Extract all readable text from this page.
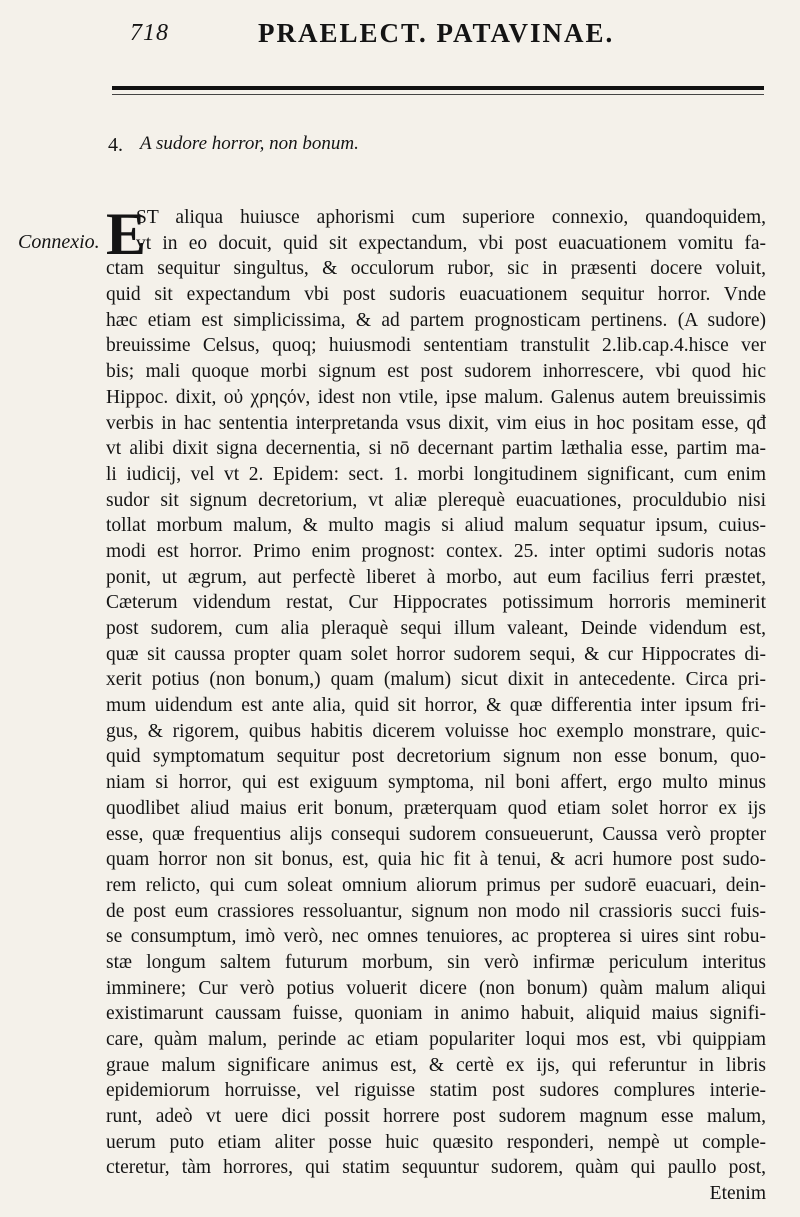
718	PRAELECT. PATAVINAE.
4. A sudore horror, non bonum.
Connexio. E
ST aliqua huiusce aphorismi cum superiore connexio, quandoquidem,
vt in eo docuit, quid sit expectandum, vbi post euacuationem vomitu fa-
ctam sequitur singultus, & occulorum rubor, sic in præsenti docere voluit,
quid sit expectandum vbi post sudoris euacuationem sequitur horror. Vnde
hæc etiam est simplicissima, & ad partem prognosticam pertinens. (A sudore)
breuissime Celsus, quoq; huiusmodi sententiam transtulit 2.lib.cap.4.hisce ver
bis; mali quoque morbi signum est post sudorem inhorrescere, vbi quod hic
Hippoc. dixit, οὐ χρηςόν, idest non vtile, ipse malum. Galenus autem breuissimis
verbis in hac sententia interpretanda vsus dixit, vim eius in hoc positam esse, qđ
vt alibi dixit signa decernentia, si nō decernant partim læthalia esse, partim ma-
li iudicij, vel vt 2. Epidem: sect. 1. morbi longitudinem significant, cum enim
sudor sit signum decretorium, vt aliæ plerequè euacuationes, proculdubio nisi
tollat morbum malum, & multo magis si aliud malum sequatur ipsum, cuius-
modi est horror. Primo enim prognost: contex. 25. inter optimi sudoris notas
ponit, ut ægrum, aut perfectè liberet à morbo, aut eum facilius ferri præstet,
Cæterum videndum restat, Cur Hippocrates potissimum horroris meminerit
post sudorem, cum alia pleraquè sequi illum valeant, Deinde videndum est,
quæ sit caussa propter quam solet horror sudorem sequi, & cur Hippocrates di-
xerit potius (non bonum,) quam (malum) sicut dixit in antecedente. Circa pri-
mum uidendum est ante alia, quid sit horror, & quæ differentia inter ipsum fri-
gus, & rigorem, quibus habitis dicerem voluisse hoc exemplo monstrare, quic-
quid symptomatum sequitur post decretorium signum non esse bonum, quo-
niam si horror, qui est exiguum symptoma, nil boni affert, ergo multo minus
quodlibet aliud maius erit bonum, præterquam quod etiam solet horror ex ijs
esse, quæ frequentius alijs consequi sudorem consueuerunt, Caussa verò propter
quam horror non sit bonus, est, quia hic fit à tenui, & acri humore post sudo-
rem relicto, qui cum soleat omnium aliorum primus per sudorē euacuari, dein-
de post eum crassiores ressoluantur, signum non modo nil crassioris succi fuis-
se consumptum, imò verò, nec omnes tenuiores, ac propterea si uires sint robu-
stæ longum saltem futurum morbum, sin verò infirmæ periculum interitus
imminere; Cur verò potius voluerit dicere (non bonum) quàm malum aliqui
existimarunt caussam fuisse, quoniam in animo habuit, aliquid maius signifi-
care, quàm malum, perinde ac etiam populariter loqui mos est, vbi quippiam
graue malum significare animus est, & certè ex ijs, qui referuntur in libris
epidemiorum horruisse, vel riguisse statim post sudores complures interie-
runt, adeò vt uere dici possit horrere post sudorem magnum esse malum,
uerum puto etiam aliter posse huic quæsito responderi, nempè ut comple-
cteretur, tàm horrores, qui statim sequuntur sudorem, quàm qui paullo post,
Etenim
